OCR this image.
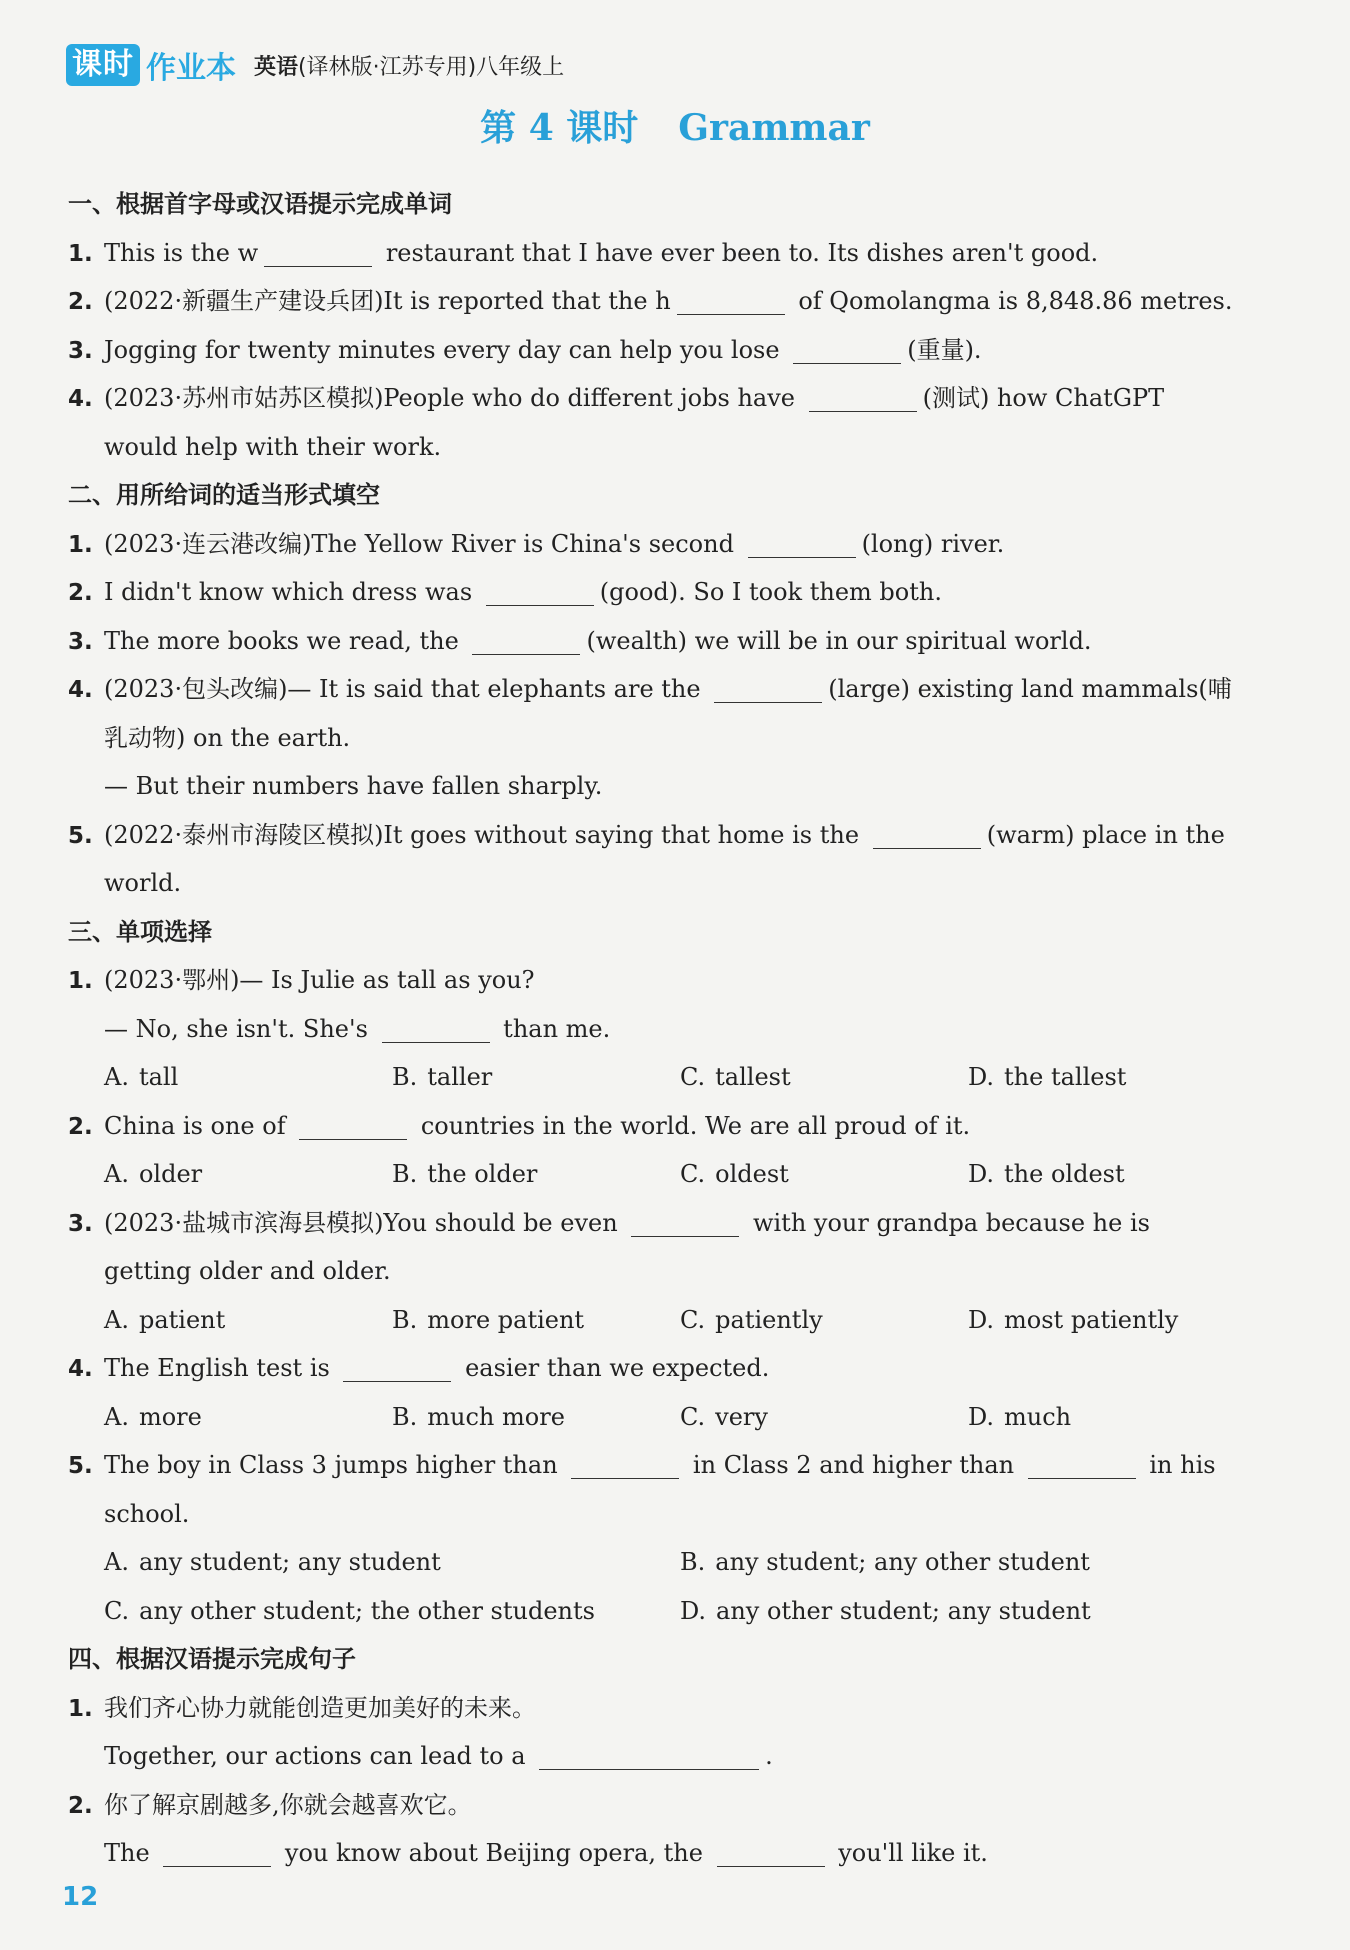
课时 作业本 英语(译林版·江苏专用)八年级上
第 4 课时 Grammar
一、根据首字母或汉语提示完成单词
1. This is the w	restaurant that I have ever been to. Its dishes aren't good.
2. (2022·新疆生产建设兵团)It is reported that the h	of Qomolangma is 8,848.86 metres.
3. Jogging for twenty minutes every day can help you lose	(重量).
4. (2023·苏州市姑苏区模拟)People who do different jobs have	(测试) how ChatGPT
would help with their work.
二、用所给词的适当形式填空
1. (2023·连云港改编)The Yellow River is China's second	(long) river.
2. I didn't know which dress was	(good). So I took them both.
3. The more books we read, the	(wealth) we will be in our spiritual world.
4. (2023·包头改编)— It is said that elephants are the	(large) existing land mammals(哺
乳动物) on the earth.
— But their numbers have fallen sharply.
5. (2022·泰州市海陵区模拟)It goes without saying that home is the	(warm) place in the
world.
三、单项选择
1. (2023·鄂州)— Is Julie as tall as you?
— No, she isn't. She's	than me.
A. tall	B. taller	C. tallest	D. the tallest
2. China is one of	countries in the world. We are all proud of it.
A. older	B. the older	C. oldest	D. the oldest
3. (2023·盐城市滨海县模拟)You should be even	with your grandpa because he is
getting older and older.
A. patient	B. more patient	C. patiently	D. most patiently
4. The English test is	easier than we expected.
A. more	B. much more	C. very	D. much
5. The boy in Class 3 jumps higher than	in Class 2 and higher than	in his
school.
A. any student; any student	B. any student; any other student
C. any other student; the other students	D. any other student; any student
四、根据汉语提示完成句子
1. 我们齐心协力就能创造更加美好的未来。
Together, our actions can lead to a	.
2. 你了解京剧越多,你就会越喜欢它。
The	you know about Beijing opera, the	you'll like it.
12
